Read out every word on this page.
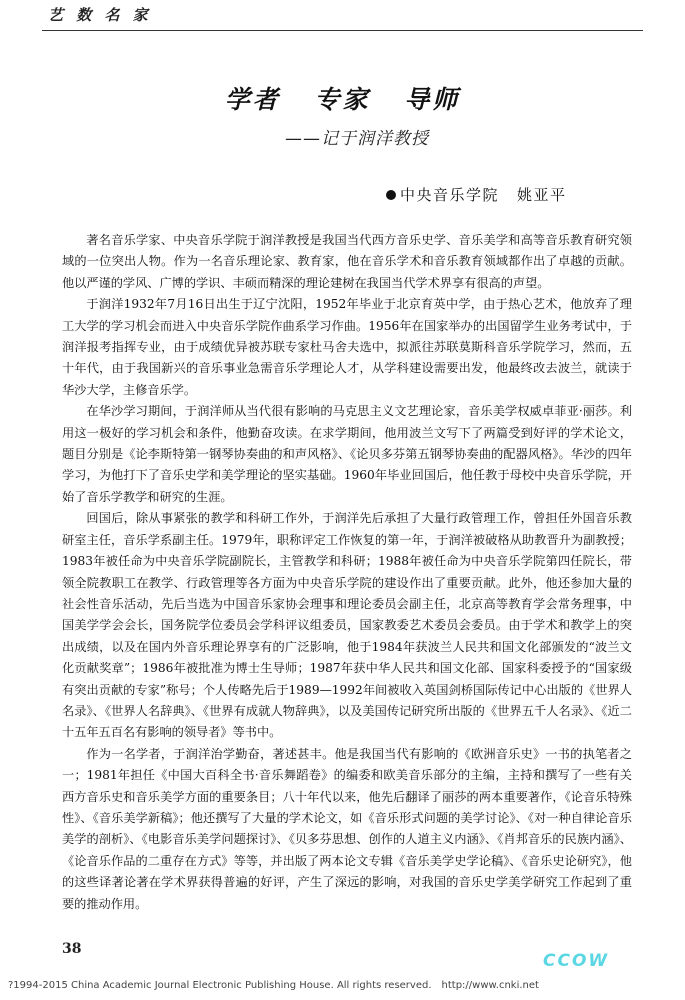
艺 数 名 家
学者 专家 导师
——记于润洋教授
中央音乐学院 姚亚平

著名音乐学家、中央音乐学院于润洋教授是我国当代西方音乐史学、音乐美学和高等音乐教育研究领域的一位突出人物。作为一名音乐理论家、教育家，他在音乐学术和音乐教育领域都作出了卓越的贡献。他以严谨的学风、广博的学识、丰硕而精深的理论建树在我国当代学术界享有很高的声望。

于润洋1932年7月16日出生于辽宁沈阳，1952年毕业于北京育英中学，由于热心艺术，他放弃了理工大学的学习机会而进入中央音乐学院作曲系学习作曲。1956年在国家举办的出国留学生业务考试中，于润洋报考指挥专业，由于成绩优异被苏联专家杜马舍夫选中，拟派往苏联莫斯科音乐学院学习，然而，五十年代，由于我国新兴的音乐事业急需音乐学理论人才，从学科建设需要出发，他最终改去波兰，就读于华沙大学，主修音乐学。

在华沙学习期间，于润洋师从当代很有影响的马克思主义文艺理论家，音乐美学权威卓菲亚·丽莎。利用这一极好的学习机会和条件，他勤奋攻读。在求学期间，他用波兰文写下了两篇受到好评的学术论文，题目分别是《论李斯特第一钢琴协奏曲的和声风格》、《论贝多芬第五钢琴协奏曲的配器风格》。华沙的四年学习，为他打下了音乐史学和美学理论的坚实基础。1960年毕业回国后，他任教于母校中央音乐学院，开始了音乐学教学和研究的生涯。

回国后，除从事紧张的教学和科研工作外，于润洋先后承担了大量行政管理工作，曾担任外国音乐教研室主任，音乐学系副主任。1979年，职称评定工作恢复的第一年，于润洋被破格从助教晋升为副教授；1983年被任命为中央音乐学院副院长，主管教学和科研；1988年被任命为中央音乐学院第四任院长，带领全院教职工在教学、行政管理等各方面为中央音乐学院的建设作出了重要贡献。此外，他还参加大量的社会性音乐活动，先后当选为中国音乐家协会理事和理论委员会副主任，北京高等教育学会常务理事，中国美学学会会长，国务院学位委员会学科评议组委员，国家教委艺术委员会委员。由于学术和教学上的突出成绩，以及在国内外音乐理论界享有的广泛影响，他于1984年获波兰人民共和国文化部颁发的“波兰文化贡献奖章”；1986年被批准为博士生导师；1987年获中华人民共和国文化部、国家科委授予的“国家级有突出贡献的专家”称号；个人传略先后于1989—1992年间被收入英国剑桥国际传记中心出版的《世界人名录》、《世界人名辞典》、《世界有成就人物辞典》，以及美国传记研究所出版的《世界五千人名录》、《近二十五年五百名有影响的领导者》等书中。

作为一名学者，于润洋治学勤奋，著述甚丰。他是我国当代有影响的《欧洲音乐史》一书的执笔者之一；1981年担任《中国大百科全书·音乐舞蹈卷》的编委和欧美音乐部分的主编，主持和撰写了一些有关西方音乐史和音乐美学方面的重要条目；八十年代以来，他先后翻译了丽莎的两本重要著作，《论音乐特殊性》、《音乐美学新稿》；他还撰写了大量的学术论文，如《音乐形式问题的美学讨论》、《对一种自律论音乐美学的剖析》、《电影音乐美学问题探讨》、《贝多芬思想、创作的人道主义内涵》、《肖邦音乐的民族内涵》、《论音乐作品的二重存在方式》等等，并出版了两本论文专辑《音乐美学史学论稿》、《音乐史论研究》，他的这些译著论著在学术界获得普遍的好评，产生了深远的影响，对我国的音乐史学美学研究工作起到了重要的推动作用。

38
CCOW
?1994-2015 China Academic Journal Electronic Publishing House. All rights reserved. http://www.cnki.net
